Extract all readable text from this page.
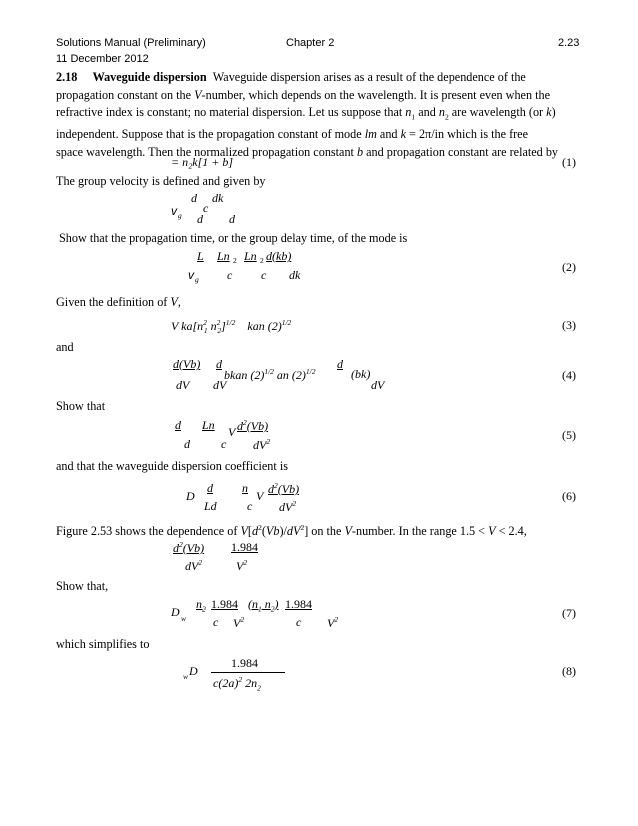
Solutions Manual (Preliminary)	Chapter 2	2.23
11 December 2012
2.18 Waveguide dispersion Waveguide dispersion arises as a result of the dependence of the
propagation constant on the V-number, which depends on the wavelength. It is present even when the
refractive index is constant; no material dispersion. Let us suppose that $n_1$ and $n_2$ are wavelength (or k)
independent. Suppose that is the propagation constant of mode lm and k = 2π/in which is the free
space wavelength. Then the normalized propagation constant b and propagation constant are related by
= n₂k[1 + b]	(1)
The group velocity is defined and given by
v g
d
c
dk
d d
Show that the propagation time, or the group delay time, of the mode is
L Ln 2 Ln 2 d(kb)
v g c c dk
(2)
Given the definition of V,
V $ka[n^2_1$ $n^2_2]^{1/2}$ kan $(2)^{1/2}$	(3)
and
d(Vb) d
bkan $(2)^{1/2}$ an $(2)^{1/2}$
d
(bk)
dV dV	dV
(4)
Show that
d Ln V $d^2(Vb)$
d	c $dV^2$	(5)
and that the waveguide dispersion coefficient is
D
d n
V $d^2(Vb)$
Ld	c $dV^2$
(6)
Figure 2.53 shows the dependence of $V[d^2(Vb)/dV^2]$ on the V-number. In the range 1.5 < V < 2.4,
$d^2(Vb)$ 1.984
$dV^2$	$V^2$
Show that,
D w
$n_2$ 1.984 ($n_1$ $n_2$) 1.984
c $V^2$	c $V^2$	(7)
which simplifies to
w D
1.984
$c(2a)^2$ $2n_2$
(8)
